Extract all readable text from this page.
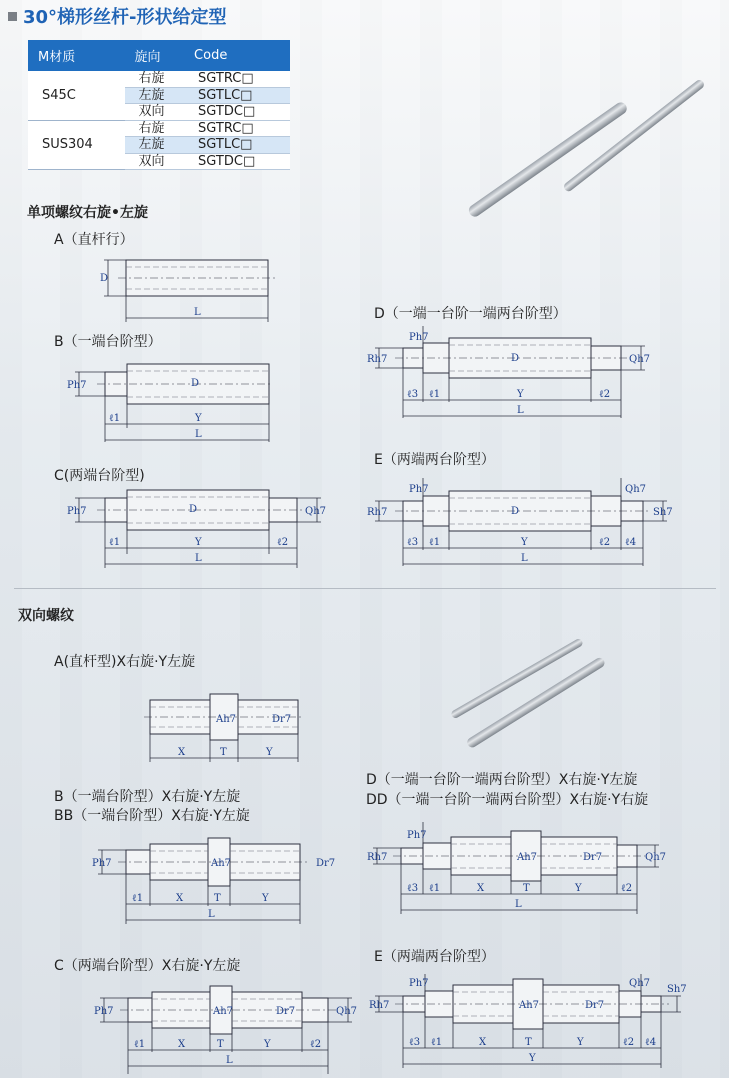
30°梯形丝杆-形状给定型
M材质	旋向	Code
S45C	右旋	SGTRC□
	左旋	SGTLC□
	双向	SGTDC□
SUS304	右旋	SGTRC□
	左旋	SGTLC□
	双向	SGTDC□
单项螺纹右旋•左旋
A（直杆行）
B（一端台阶型）
C(两端台阶型)
D（一端一台阶一端两台阶型）
E（两端两台阶型）
D
L
Ph7	D
ℓ1	Y
L
Ph7	D	Qh7
ℓ1	Y	ℓ2
L
Rh7
Ph7
D	Qh7
ℓ3 ℓ1	Y	ℓ2
L
Rh7
Ph7
D
Qh7
Sh7
ℓ3 ℓ1	Y	ℓ2 ℓ4
L
双向螺纹
A(直杆型)X右旋·Y左旋
B（一端台阶型）X右旋·Y左旋
BB（一端台阶型）X右旋·Y左旋
C（两端台阶型）X右旋·Y左旋
D（一端一台阶一端两台阶型）X右旋·Y左旋
DD（一端一台阶一端两台阶型）X右旋·Y右旋
E（两端两台阶型）
Ah7	Dr7
X	T	Y
Ph7	Ah7	Dr7
ℓ1	X	T	Y
L
Ph7	Ah7	Dr7	Qh7
ℓ1	X	T	Y	ℓ2
L
Rh7
Ph7
Ah7	Dr7	Qh7
ℓ3 ℓ1	X	T	Y	ℓ2
L
Rh7
Ph7
Ah7	Dr7
Qh7
Sh7
ℓ3 ℓ1	X	T	Y	ℓ2 ℓ4
Y
